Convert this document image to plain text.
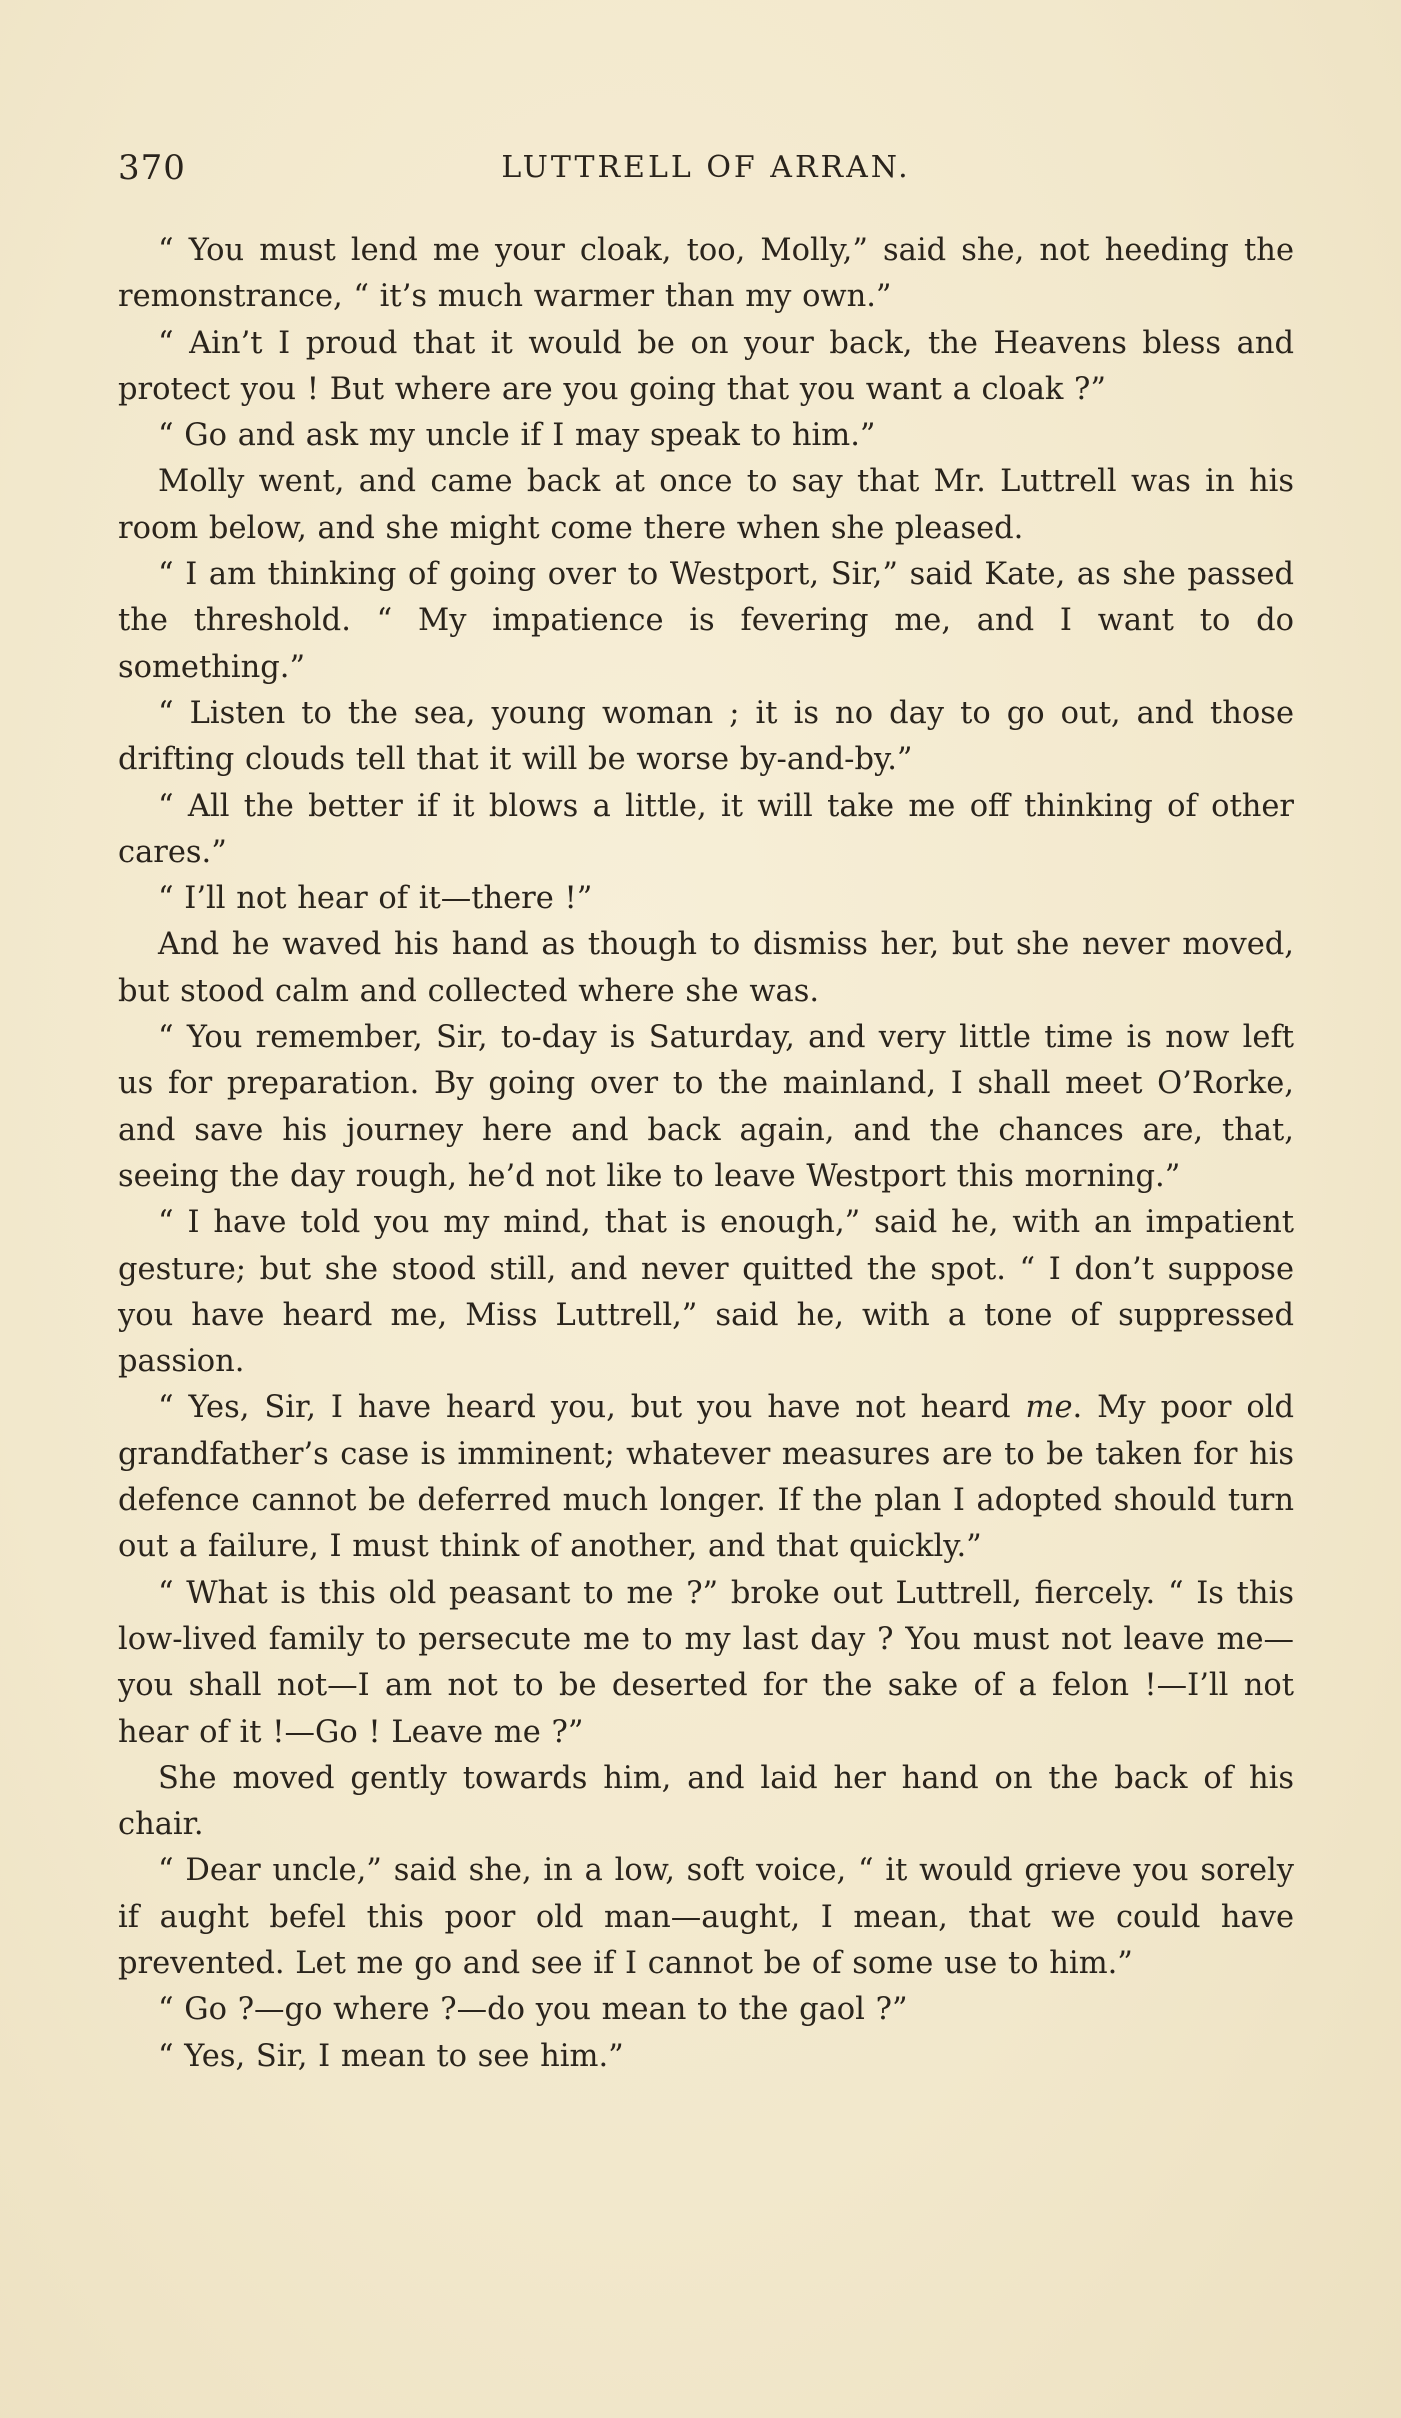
370	LUTTRELL OF ARRAN.

“ You must lend me your cloak, too, Molly,” said she, not heeding the remonstrance, “ it’s much warmer than my own.”

“ Ain’t I proud that it would be on your back, the Heavens bless and protect you ! But where are you going that you want a cloak ?”

“ Go and ask my uncle if I may speak to him.”

Molly went, and came back at once to say that Mr. Luttrell was in his room below, and she might come there when she pleased.

“ I am thinking of going over to Westport, Sir,” said Kate, as she passed the threshold. “ My impatience is fevering me, and I want to do something.”

“ Listen to the sea, young woman ; it is no day to go out, and those drifting clouds tell that it will be worse by-and-by.”

“ All the better if it blows a little, it will take me off thinking of other cares.”

“ I’ll not hear of it—there !”

And he waved his hand as though to dismiss her, but she never moved, but stood calm and collected where she was.

“ You remember, Sir, to-day is Saturday, and very little time is now left us for preparation. By going over to the mainland, I shall meet O’Rorke, and save his journey here and back again, and the chances are, that, seeing the day rough, he’d not like to leave Westport this morning.”

“ I have told you my mind, that is enough,” said he, with an impatient gesture; but she stood still, and never quitted the spot. “ I don’t suppose you have heard me, Miss Luttrell,” said he, with a tone of suppressed passion.

“ Yes, Sir, I have heard you, but you have not heard me. My poor old grandfather’s case is imminent; whatever measures are to be taken for his defence cannot be deferred much longer. If the plan I adopted should turn out a failure, I must think of another, and that quickly.”

“ What is this old peasant to me ?” broke out Luttrell, fiercely. “ Is this low-lived family to persecute me to my last day ? You must not leave me—you shall not—I am not to be deserted for the sake of a felon !—I’ll not hear of it !—Go ! Leave me ?”

She moved gently towards him, and laid her hand on the back of his chair.

“ Dear uncle,” said she, in a low, soft voice, “ it would grieve you sorely if aught befel this poor old man—aught, I mean, that we could have prevented. Let me go and see if I cannot be of some use to him.”

“ Go ?—go where ?—do you mean to the gaol ?”

“ Yes, Sir, I mean to see him.”
